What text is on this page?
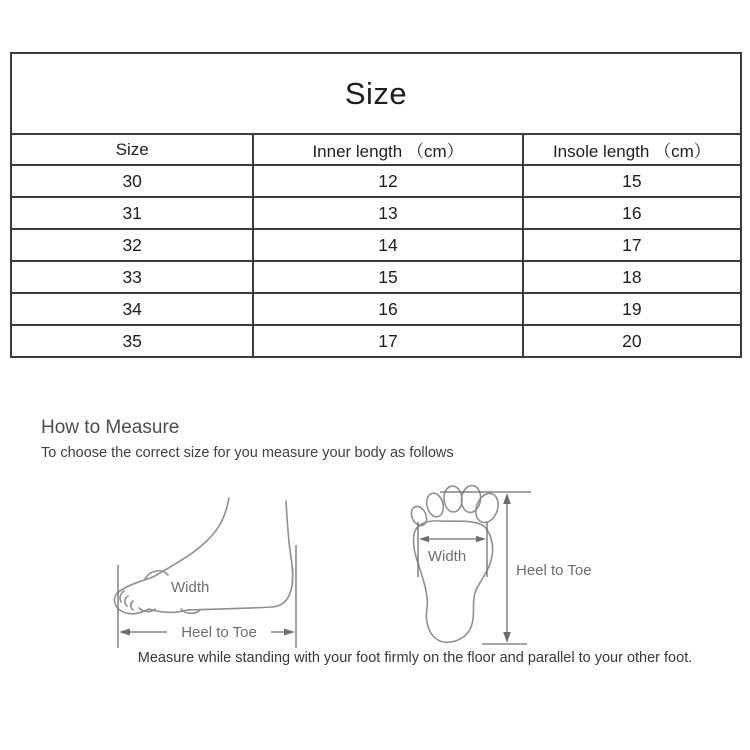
Size		
Size	Inner length （cm）	Insole length （cm）
30	12	15
31	13	16
32	14	17
33	15	18
34	16	19
35	17	20
How to Measure
To choose the correct size for you measure your body as follows
Width
Heel to Toe
Width
Heel to Toe
Measure while standing with your foot firmly on the floor and parallel to your other foot.
